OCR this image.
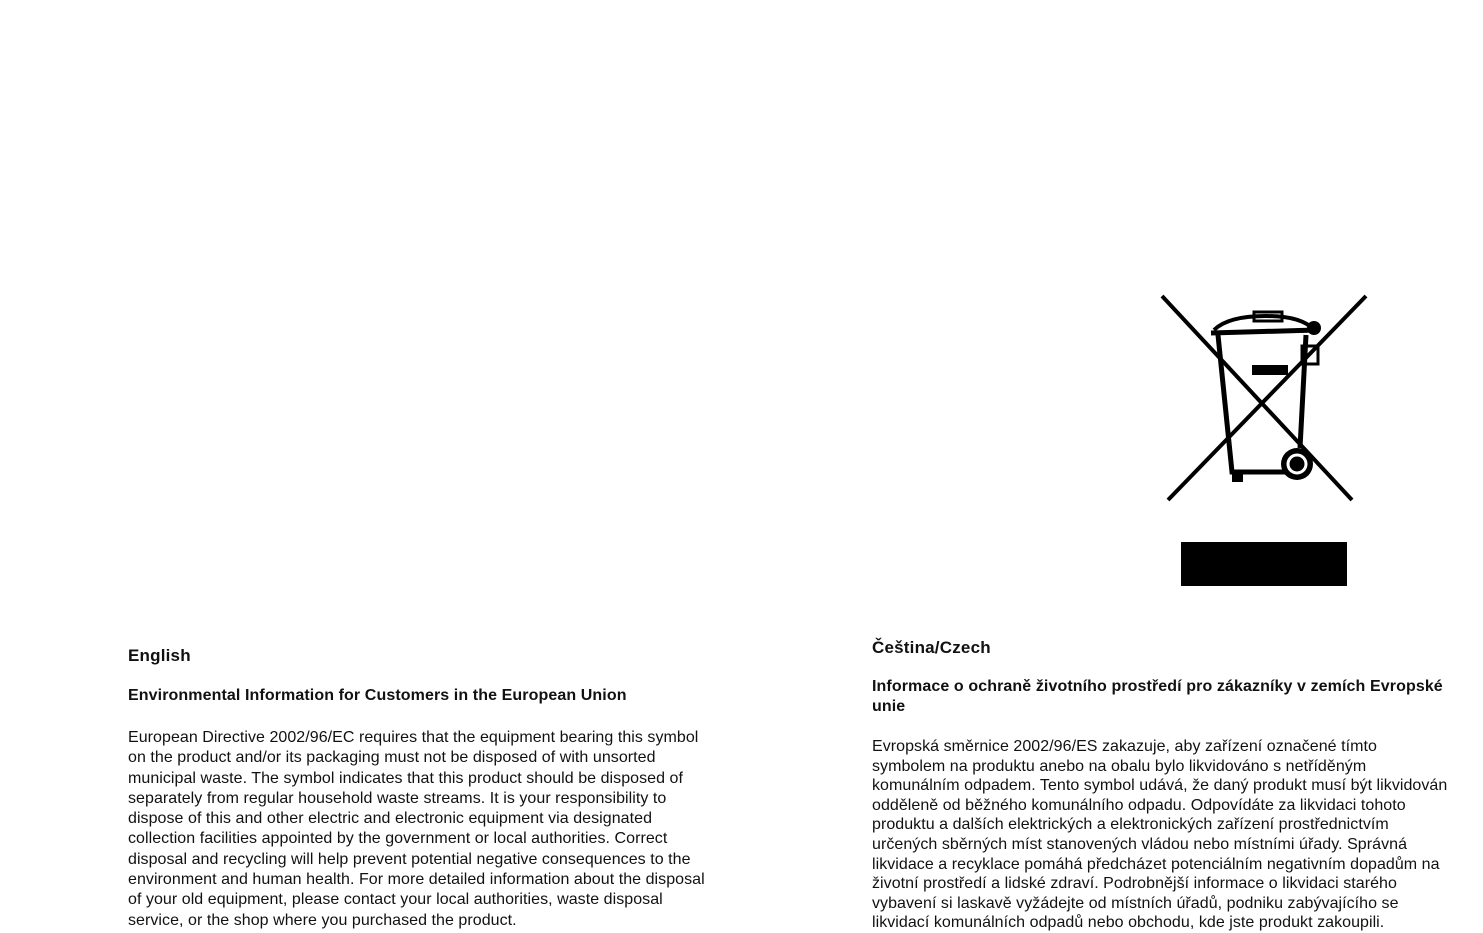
English
Environmental Information for Customers in the European Union

European Directive 2002/96/EC requires that the equipment bearing this symbol
on the product and/or its packaging must not be disposed of with unsorted
municipal waste. The symbol indicates that this product should be disposed of
separately from regular household waste streams. It is your responsibility to
dispose of this and other electric and electronic equipment via designated
collection facilities appointed by the government or local authorities. Correct
disposal and recycling will help prevent potential negative consequences to the
environment and human health. For more detailed information about the disposal
of your old equipment, please contact your local authorities, waste disposal
service, or the shop where you purchased the product.

Čeština/Czech
Informace o ochraně životního prostředí pro zákazníky v zemích Evropské
unie

Evropská směrnice 2002/96/ES zakazuje, aby zařízení označené tímto
symbolem na produktu anebo na obalu bylo likvidováno s netříděným
komunálním odpadem. Tento symbol udává, že daný produkt musí být likvidován
odděleně od běžného komunálního odpadu. Odpovídáte za likvidaci tohoto
produktu a dalších elektrických a elektronických zařízení prostřednictvím
určených sběrných míst stanovených vládou nebo místními úřady. Správná
likvidace a recyklace pomáhá předcházet potenciálním negativním dopadům na
životní prostředí a lidské zdraví. Podrobnější informace o likvidaci starého
vybavení si laskavě vyžádejte od místních úřadů, podniku zabývajícího se
likvidací komunálních odpadů nebo obchodu, kde jste produkt zakoupili.
